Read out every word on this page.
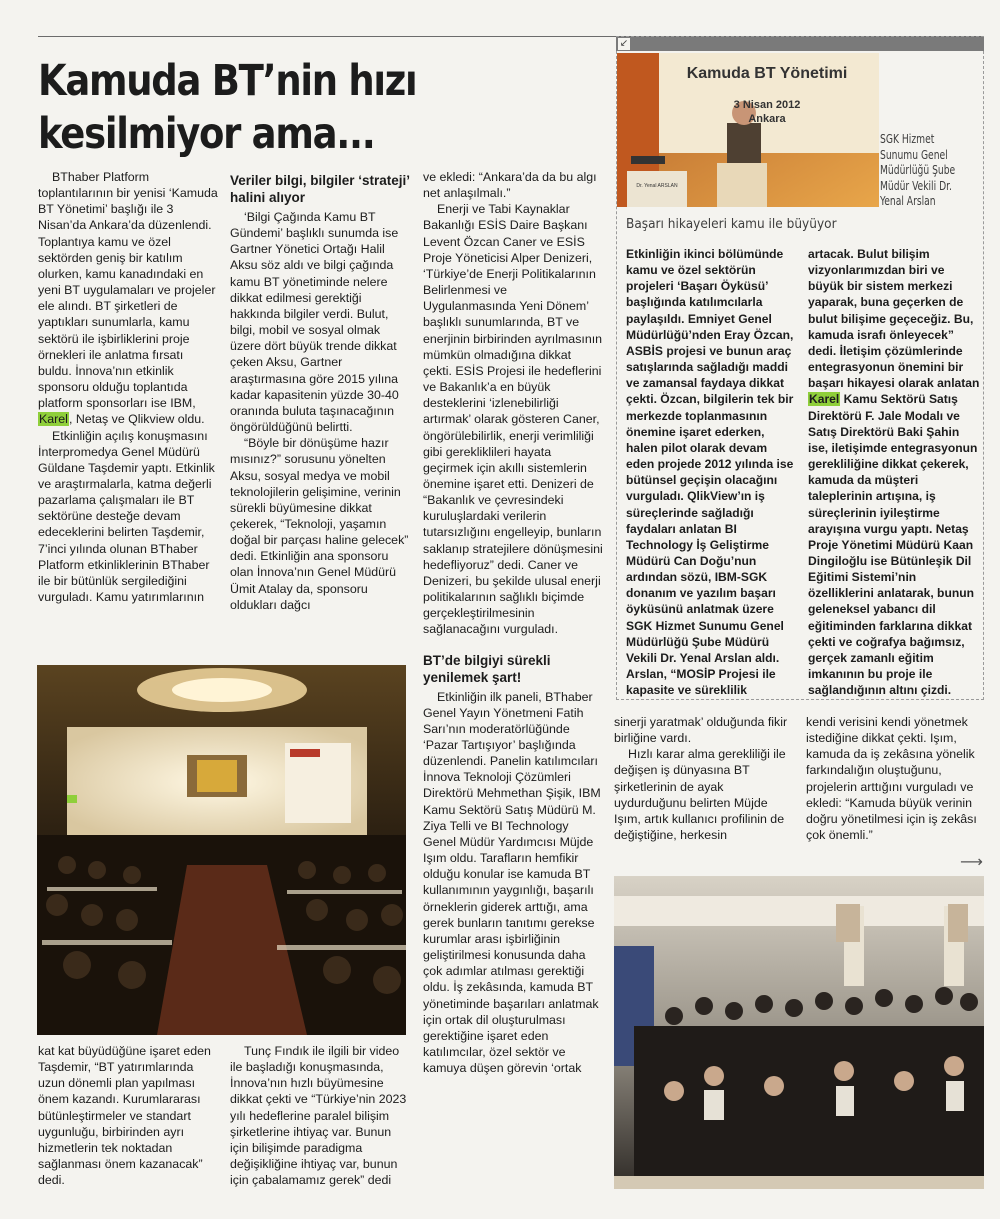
Kamuda BT’nin hızı
kesilmiyor ama...

BThaber Platform toplantılarının bir yenisi ‘Kamuda BT Yönetimi’ başlığı ile 3 Nisan’da Ankara’da düzenlendi. Toplantıya kamu ve özel sektörden geniş bir katılım olurken, kamu kanadındaki en yeni BT uygulamaları ve projeler ele alındı. BT şirketleri de yaptıkları sunumlarla, kamu sektörü ile işbirliklerini proje örnekleri ile anlatma fırsatı buldu. İnnova’nın etkinlik sponsoru olduğu toplantıda platform sponsorları ise IBM, Karel, Netaş ve Qlikview oldu.

Etkinliğin açılış konuşmasını İnterpromedya Genel Müdürü Güldane Taşdemir yaptı. Etkinlik ve araştırmalarla, katma değerli pazarlama çalışmaları ile BT sektörüne desteğe devam edeceklerini belirten Taşdemir, 7’inci yılında olunan BThaber Platform etkinliklerinin BThaber ile bir bütünlük sergilediğini vurguladı. Kamu yatırımlarının

Veriler bilgi, bilgiler ‘strateji’ halini alıyor

‘Bilgi Çağında Kamu BT Gündemi’ başlıklı sunumda ise Gartner Yönetici Ortağı Halil Aksu söz aldı ve bilgi çağında kamu BT yönetiminde nelere dikkat edilmesi gerektiği hakkında bilgiler verdi. Bulut, bilgi, mobil ve sosyal olmak üzere dört büyük trende dikkat çeken Aksu, Gartner araştırmasına göre 2015 yılına kadar kapasitenin yüzde 30-40 oranında buluta taşınacağının öngörüldüğünü belirtti.

“Böyle bir dönüşüme hazır mısınız?” sorusunu yönelten Aksu, sosyal medya ve mobil teknolojilerin gelişimine, verinin sürekli büyümesine dikkat çekerek, “Teknoloji, yaşamın doğal bir parçası haline gelecek” dedi. Etkinliğin ana sponsoru olan İnnova’nın Genel Müdürü Ümit Atalay da, sponsoru oldukları dağcı

ve ekledi: “Ankara’da da bu algı net anlaşılmalı.”

Enerji ve Tabi Kaynaklar Bakanlığı ESİS Daire Başkanı Levent Özcan Caner ve ESİS Proje Yöneticisi Alper Denizeri, ‘Türkiye’de Enerji Politikalarının Belirlenmesi ve Uygulanmasında Yeni Dönem’ başlıklı sunumlarında, BT ve enerjinin birbirinden ayrılmasının mümkün olmadığına dikkat çekti. ESİS Projesi ile hedeflerini ve Bakanlık’a en büyük desteklerini ‘izlenebilirliği artırmak’ olarak gösteren Caner, öngörülebilirlik, enerji verimliliği gibi gerekliklileri hayata geçirmek için akıllı sistemlerin önemine işaret etti. Denizeri de “Bakanlık ve çevresindeki kuruluşlardaki verilerin tutarsızlığını engelleyip, bunların saklanıp stratejilere dönüşmesini hedefliyoruz” dedi. Caner ve Denizeri, bu şekilde ulusal enerji politikalarının sağlıklı biçimde gerçekleştirilmesinin sağlanacağını vurguladı.

BT’de bilgiyi sürekli yenilemek şart!

Etkinliğin ilk paneli, BThaber Genel Yayın Yönetmeni Fatih Sarı’nın moderatörlüğünde ‘Pazar Tartışıyor’ başlığında düzenlendi. Panelin katılımcıları İnnova Teknoloji Çözümleri Direktörü Mehmethan Şişik, IBM Kamu Sektörü Satış Müdürü M. Ziya Telli ve BI Technology Genel Müdür Yardımcısı Müjde Işım oldu. Tarafların hemfikir olduğu konular ise kamuda BT kullanımının yaygınlığı, başarılı örneklerin giderek arttığı, ama gerek bunların tanıtımı gerekse kurumlar arası işbirliğinin geliştirilmesi konusunda daha çok adımlar atılması gerektiği oldu. İş zekâsında, kamuda BT yönetiminde başarıları anlatmak için ortak dil oluşturulması gerektiğine işaret eden katılımcılar, özel sektör ve kamuya düşen görevin ‘ortak

kat kat büyüdüğüne işaret eden Taşdemir, “BT yatırımlarında uzun dönemli plan yapılması önem kazandı. Kurumlararası bütünleştirmeler ve standart uygunluğu, birbirinden ayrı hizmetlerin tek noktadan sağlanması önem kazanacak” dedi.

Tunç Fındık ile ilgili bir video ile başladığı konuşmasında, İnnova’nın hızlı büyümesine dikkat çekti ve “Türkiye’nin 2023 yılı hedeflerine paralel bilişim şirketlerine ihtiyaç var. Bunun için bilişimde paradigma değişikliğine ihtiyaç var, bunun için çabalamamız gerek” dedi

↙
Kamuda BT Yönetimi
3 Nisan 2012
Ankara
Dr. Yenal ARSLAN
SGK Hizmet Sunumu Genel Müdürlüğü Şube Müdür Vekili Dr. Yenal Arslan
Başarı hikayeleri kamu ile büyüyor

Etkinliğin ikinci bölümünde kamu ve özel sektörün projeleri ‘Başarı Öyküsü’ başlığında katılımcılarla paylaşıldı. Emniyet Genel Müdürlüğü’nden Eray Özcan, ASBİS projesi ve bunun araç satışlarında sağladığı maddi ve zamansal faydaya dikkat çekti. Özcan, bilgilerin tek bir merkezde toplanmasının önemine işaret ederken, halen pilot olarak devam eden projede 2012 yılında ise bütünsel geçişin olacağını vurguladı. QlikView’ın iş süreçlerinde sağladığı faydaları anlatan BI Technology İş Geliştirme Müdürü Can Doğu’nun ardından sözü, IBM-SGK donanım ve yazılım başarı öyküsünü anlatmak üzere SGK Hizmet Sunumu Genel Müdürlüğü Şube Müdürü Vekili Dr. Yenal Arslan aldı. Arslan, “MOSİP Projesi ile kapasite ve süreklilik

artacak. Bulut bilişim vizyonlarımızdan biri ve büyük bir sistem merkezi yaparak, buna geçerken de bulut bilişime geçeceğiz. Bu, kamuda israfı önleyecek” dedi. İletişim çözümlerinde entegrasyonun önemini bir başarı hikayesi olarak anlatan Karel Kamu Sektörü Satış Direktörü F. Jale Modalı ve Satış Direktörü Baki Şahin ise, iletişimde entegrasyonun gerekliliğine dikkat çekerek, kamuda da müşteri taleplerinin artışına, iş süreçlerinin iyileştirme arayışına vurgu yaptı. Netaş Proje Yönetimi Müdürü Kaan Dingiloğlu ise Bütünleşik Dil Eğitimi Sistemi’nin özelliklerini anlatarak, bunun geleneksel yabancı dil eğitiminden farklarına dikkat çekti ve coğrafya bağımsız, gerçek zamanlı eğitim imkanının bu proje ile sağlandığının altını çizdi.

sinerji yaratmak’ olduğunda fikir birliğine vardı.

Hızlı karar alma gerekliliği ile değişen iş dünyasına BT şirketlerinin de ayak uydurduğunu belirten Müjde Işım, artık kullanıcı profilinin de değiştiğine, herkesin

kendi verisini kendi yönetmek istediğine dikkat çekti. Işım, kamuda da iş zekâsına yönelik farkındalığın oluştuğunu, projelerin arttığını vurguladı ve ekledi: “Kamuda büyük verinin doğru yönetilmesi için iş zekâsı çok önemli.”

⟶
